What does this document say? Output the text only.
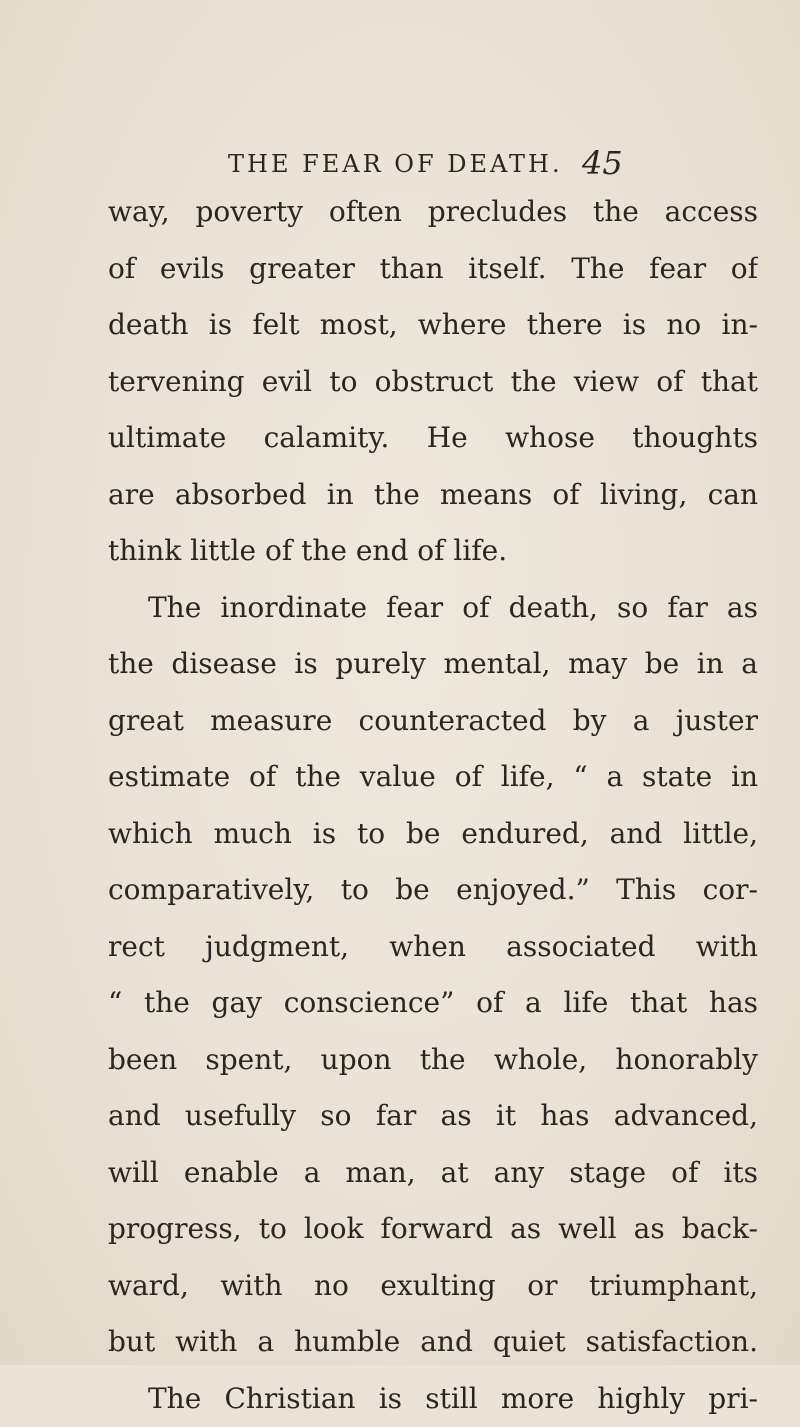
THE FEAR OF DEATH. 45
way, poverty often precludes the access
of evils greater than itself. The fear of
death is felt most, where there is no in-
tervening evil to obstruct the view of that
ultimate calamity. He whose thoughts
are absorbed in the means of living, can
think little of the end of life.
The inordinate fear of death, so far as
the disease is purely mental, may be in a
great measure counteracted by a juster
estimate of the value of life, “ a state in
which much is to be endured, and little,
comparatively, to be enjoyed.” This cor-
rect judgment, when associated with
“ the gay conscience” of a life that has
been spent, upon the whole, honorably
and usefully so far as it has advanced,
will enable a man, at any stage of its
progress, to look forward as well as back-
ward, with no exulting or triumphant,
but with a humble and quiet satisfaction.
The Christian is still more highly pri-
